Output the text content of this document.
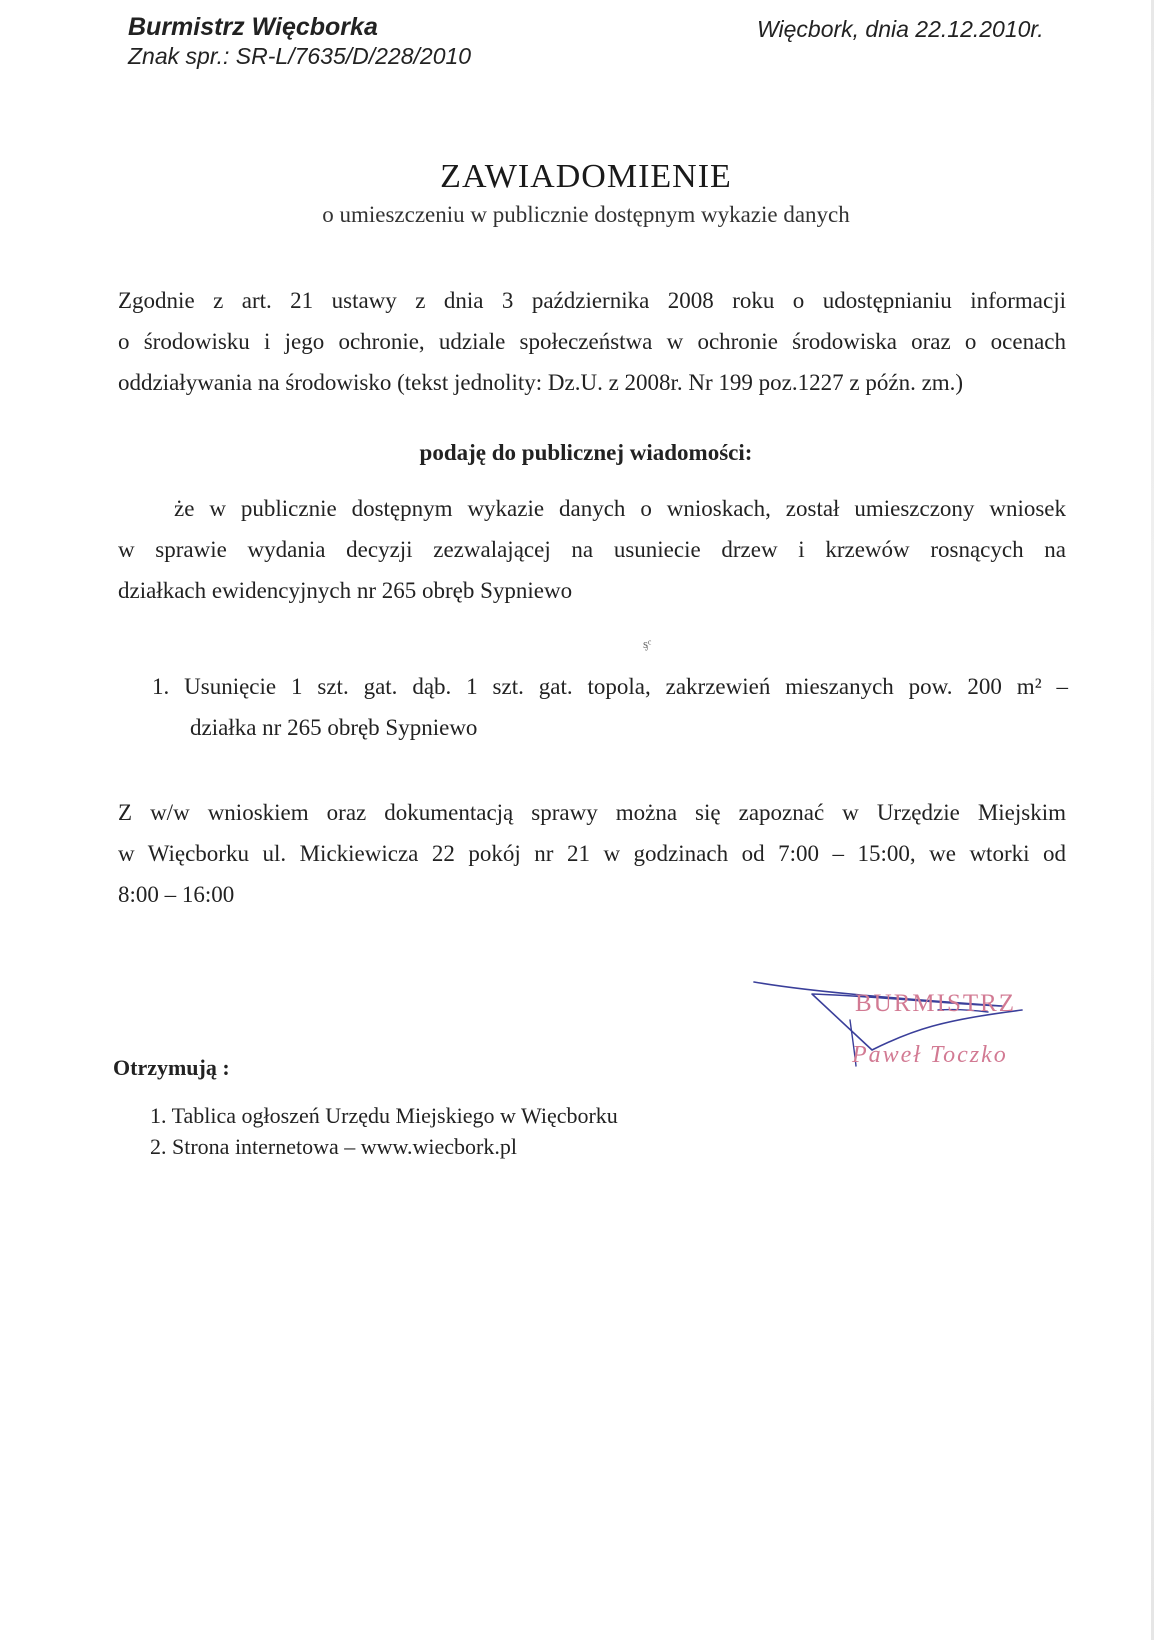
Burmistrz Więcborka
Znak spr.: SR-L/7635/D/228/2010
Więcbork, dnia 22.12.2010r.
ZAWIADOMIENIE
o umieszczeniu w publicznie dostępnym wykazie danych
Zgodnie z art. 21 ustawy z dnia 3 października 2008 roku o udostępnianiu informacji
o środowisku i jego ochronie, udziale społeczeństwa w ochronie środowiska oraz o ocenach
oddziaływania na środowisko (tekst jednolity: Dz.U. z 2008r. Nr 199 poz.1227 z późn. zm.)
podaję do publicznej wiadomości:
że w publicznie dostępnym wykazie danych o wnioskach, został umieszczony wniosek
w sprawie wydania decyzji zezwalającej na usuniecie drzew i krzewów rosnących na
działkach ewidencyjnych nr 265 obręb Sypniewo
ᶊᶜ
1. Usunięcie 1 szt. gat. dąb. 1 szt. gat. topola, zakrzewień mieszanych pow. 200 m² –
działka nr 265 obręb Sypniewo
Z w/w wnioskiem oraz dokumentacją sprawy można się zapoznać w Urzędzie Miejskim
w Więcborku ul. Mickiewicza 22 pokój nr 21 w godzinach od 7:00 – 15:00, we wtorki od
8:00 – 16:00
BURMISTRZ
Paweł Toczko
Otrzymują :
1. Tablica ogłoszeń Urzędu Miejskiego w Więcborku
2. Strona internetowa – www.wiecbork.pl
